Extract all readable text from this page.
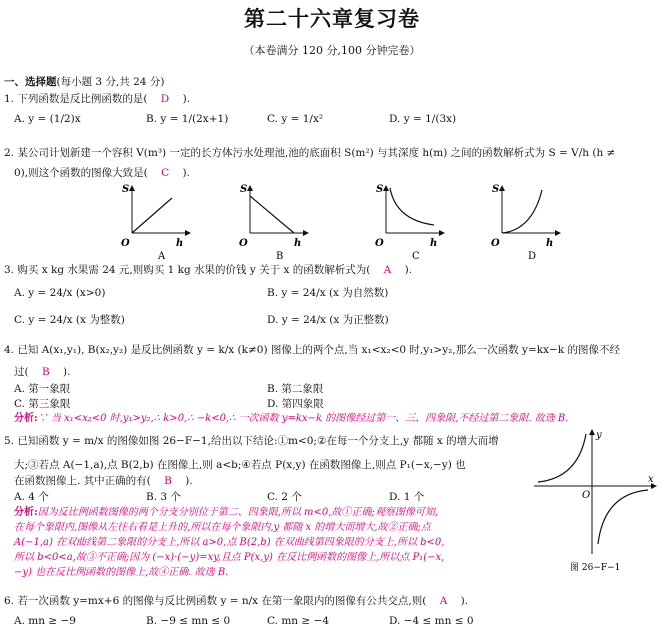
第二十六章复习卷
（本卷满分 120 分,100 分钟完卷）
一、选择题(每小题 3 分,共 24 分)
1. 下列函数是反比例函数的是( D ).
A. y = (1/2)x	B. y = 1/(2x+1)	C. y = 1/x²	D. y = 1/(3x)
2. 某公司计划新建一个容积 V(m³) 一定的长方体污水处理池,池的底面积 S(m²) 与其深度 h(m) 之间的函数解析式为 S = V/h (h ≠
0),则这个函数的图像大致是( C ).
S
h
O
A
S
h
O
B
S
h
O
C
S
h
O
D
3. 购买 x kg 水果需 24 元,则购买 1 kg 水果的价钱 y 关于 x 的函数解析式为( A ).
A. y = 24/x (x>0)	B. y = 24/x (x 为自然数)
C. y = 24/x (x 为整数)	D. y = 24/x (x 为正整数)
4. 已知 A(x₁,y₁), B(x₂,y₂) 是反比例函数 y = k/x (k≠0) 图像上的两个点,当 x₁<x₂<0 时,y₁>y₂,那么一次函数 y=kx−k 的图像不经
过( B ).
A. 第一象限	B. 第二象限
C. 第三象限	D. 第四象限
分析:∵ 当 x₁<x₂<0 时,y₁>y₂,∴ k>0,∴ −k<0,∴ 一次函数 y=kx−k 的图像经过第一、三、四象限,不经过第二象限. 故选 B.
5. 已知函数 y = m/x 的图像如图 26−F−1,给出以下结论:①m<0;②在每一个分支上,y 都随 x 的增大而增
大;③若点 A(−1,a),点 B(2,b) 在图像上,则 a<b;④若点 P(x,y) 在函数图像上,则点 P₁(−x,−y) 也
在函数图像上. 其中正确的有( B ).
A. 4 个	B. 3 个	C. 2 个	D. 1 个
分析:因为反比例函数图像的两个分支分别位于第二、四象限,所以 m<0,故①正确;观察图像可知,
在每个象限内,图像从左往右看是上升的,所以在每个象限内,y 都随 x 的增大而增大,故②正确;点
A(−1,a) 在双曲线第二象限的分支上,所以 a>0,点 B(2,b) 在双曲线第四象限的分支上,所以 b<0,
所以 b<0<a,故③不正确;因为 (−x)·(−y)=xy,且点 P(x,y) 在反比例函数的图像上,所以点 P₁(−x,
−y) 也在反比例函数的图像上,故④正确. 故选 B.
y
x
O
图 26−F−1
6. 若一次函数 y=mx+6 的图像与反比例函数 y = n/x 在第一象限内的图像有公共交点,则( A ).
A. mn ≥ −9	B. −9 ≤ mn ≤ 0	C. mn ≥ −4	D. −4 ≤ mn ≤ 0
